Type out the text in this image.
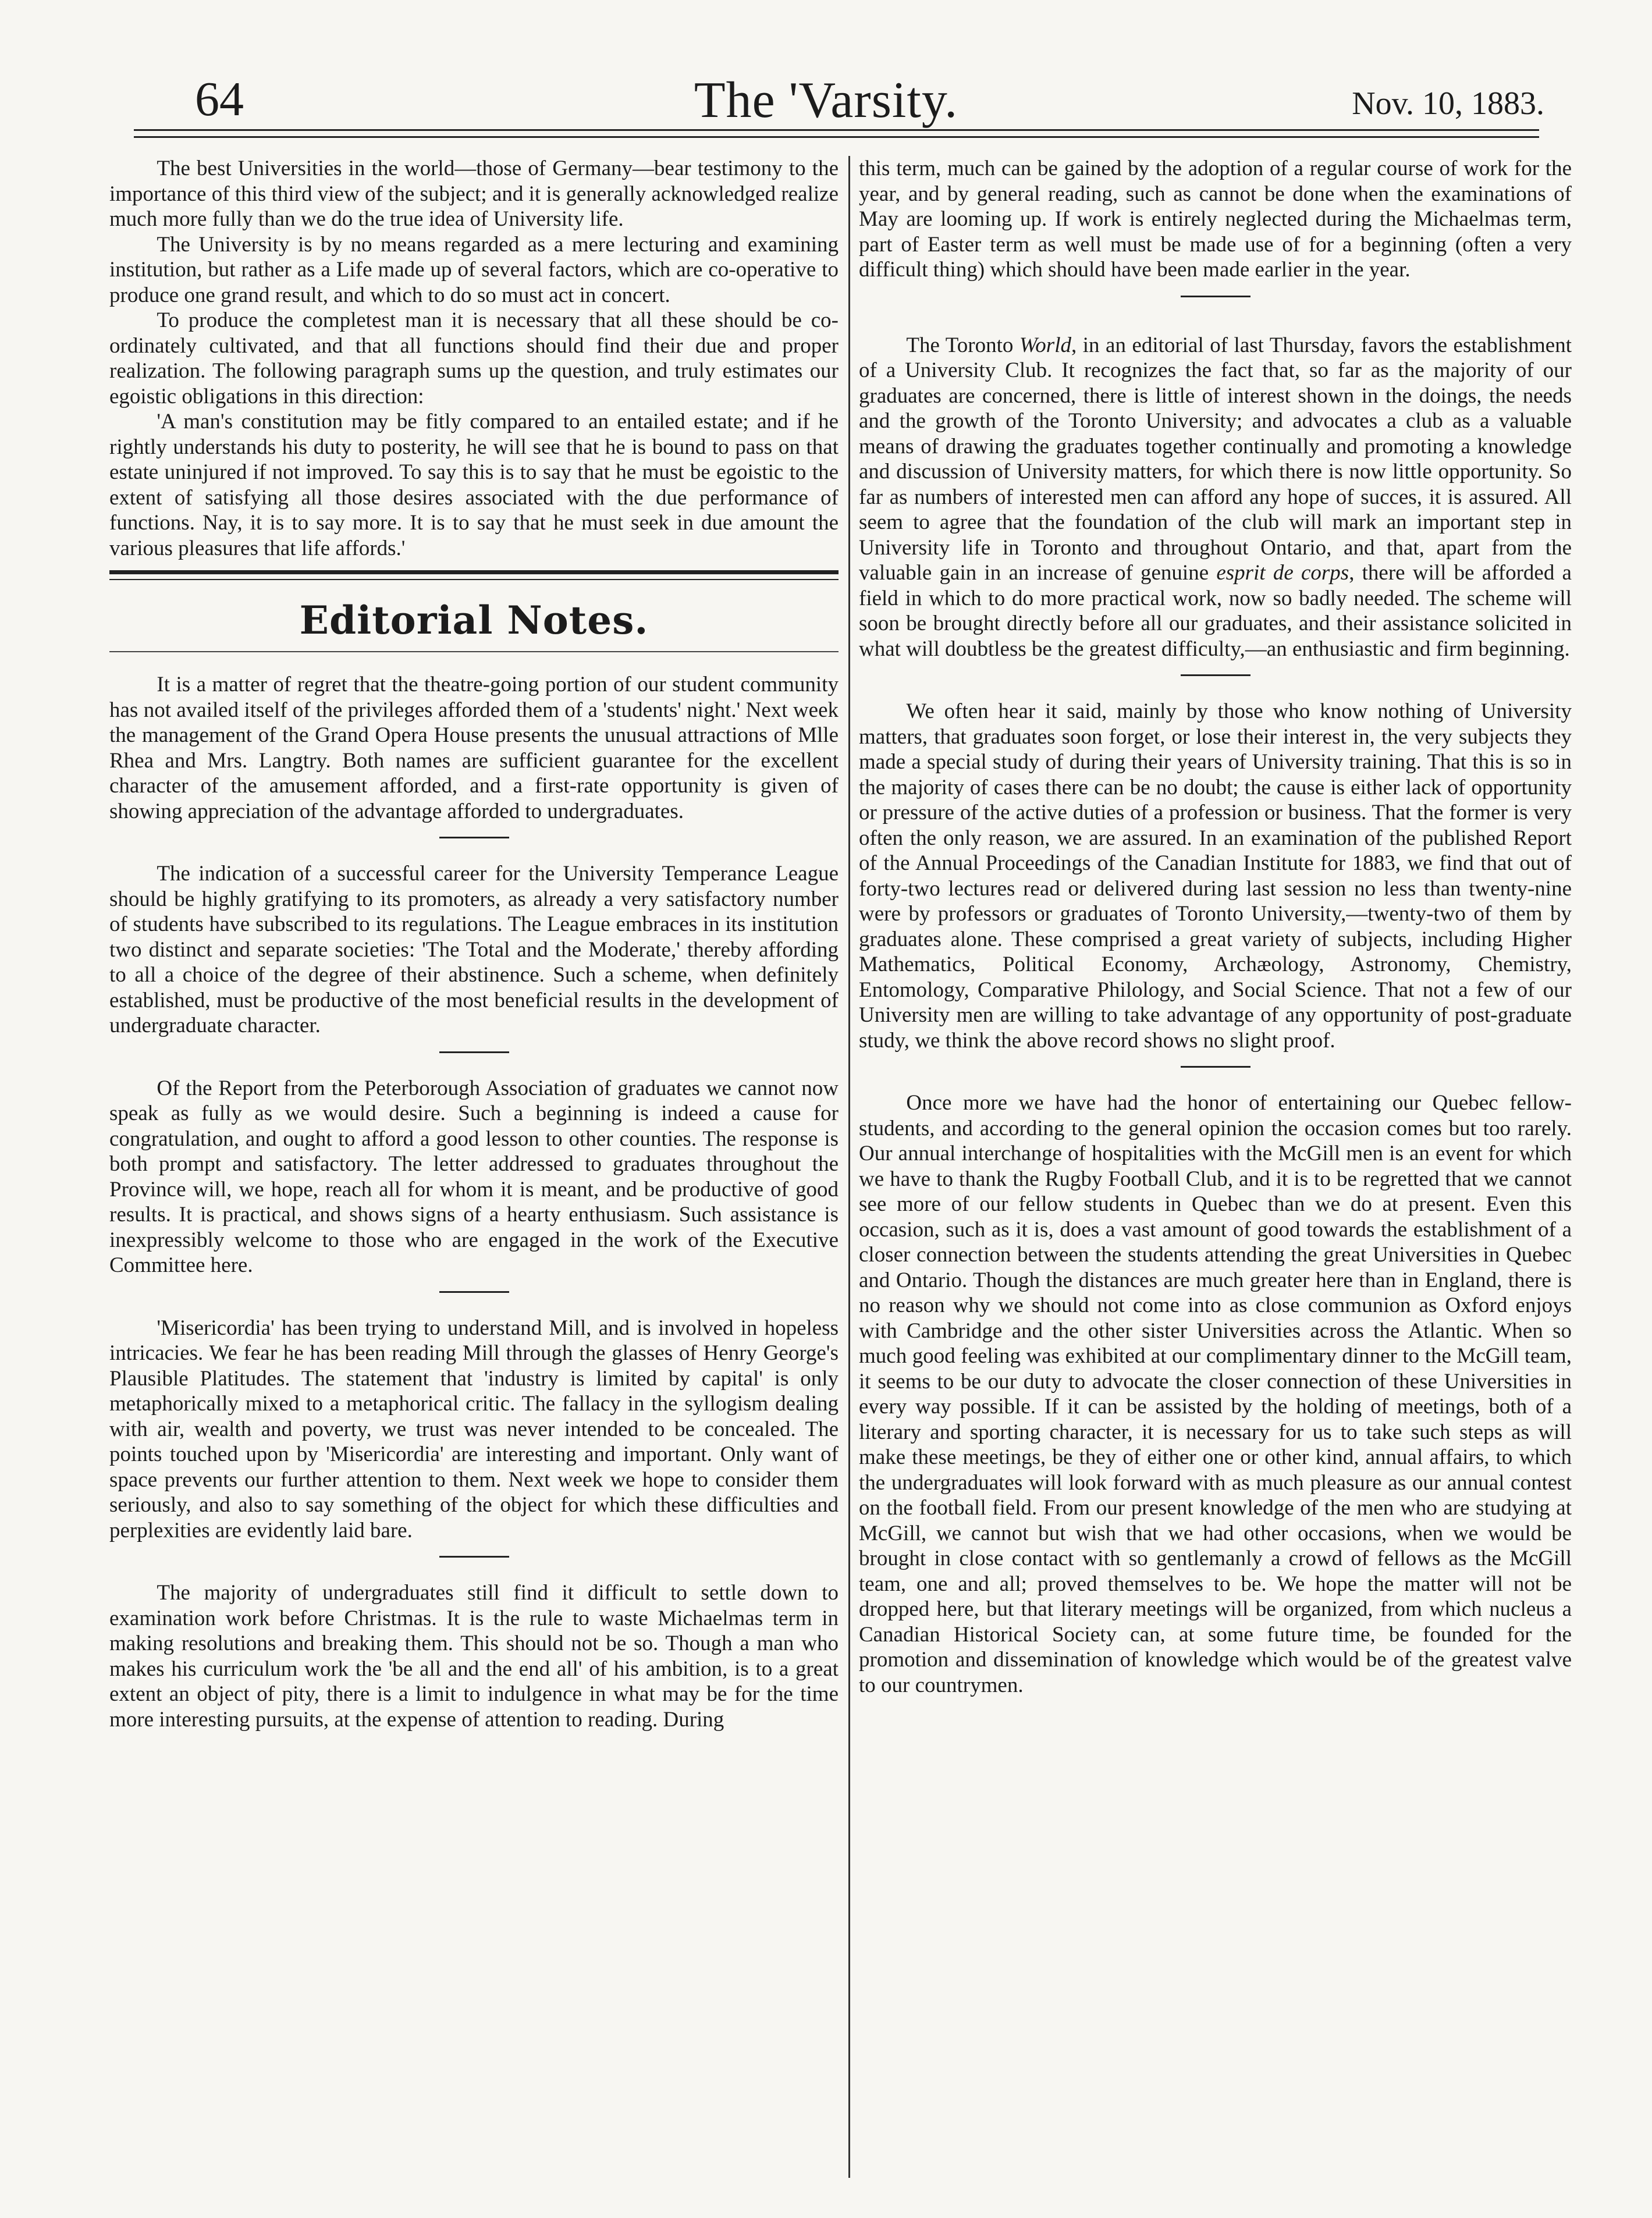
64	The 'Varsity.	Nov. 10, 1883.

The best Universities in the world—those of Germany—bear testimony to the importance of this third view of the subject; and it is generally acknowledged realize much more fully than we do the true idea of University life.

The University is by no means regarded as a mere lecturing and examining institution, but rather as a Life made up of several factors, which are co-operative to produce one grand result, and which to do so must act in concert.

To produce the completest man it is necessary that all these should be co-ordinately cultivated, and that all functions should find their due and proper realization. The following paragraph sums up the question, and truly estimates our egoistic obligations in this direction:

'A man's constitution may be fitly compared to an entailed estate; and if he rightly understands his duty to posterity, he will see that he is bound to pass on that estate uninjured if not improved. To say this is to say that he must be egoistic to the extent of satisfying all those desires associated with the due performance of functions. Nay, it is to say more. It is to say that he must seek in due amount the various pleasures that life affords.'

Editorial Notes.

It is a matter of regret that the theatre-going portion of our student community has not availed itself of the privileges afforded them of a 'students' night.' Next week the management of the Grand Opera House presents the unusual attractions of Mlle Rhea and Mrs. Langtry. Both names are sufficient guarantee for the excellent character of the amusement afforded, and a first-rate opportunity is given of showing appreciation of the advantage afforded to undergraduates.

The indication of a successful career for the University Temperance League should be highly gratifying to its promoters, as already a very satisfactory number of students have subscribed to its regulations. The League embraces in its institution two distinct and separate societies: 'The Total and the Moderate,' thereby affording to all a choice of the degree of their abstinence. Such a scheme, when definitely established, must be productive of the most beneficial results in the development of undergraduate character.

Of the Report from the Peterborough Association of graduates we cannot now speak as fully as we would desire. Such a beginning is indeed a cause for congratulation, and ought to afford a good lesson to other counties. The response is both prompt and satisfactory. The letter addressed to graduates throughout the Province will, we hope, reach all for whom it is meant, and be productive of good results. It is practical, and shows signs of a hearty enthusiasm. Such assistance is inexpressibly welcome to those who are engaged in the work of the Executive Committee here.

'Misericordia' has been trying to understand Mill, and is involved in hopeless intricacies. We fear he has been reading Mill through the glasses of Henry George's Plausible Platitudes. The statement that 'industry is limited by capital' is only metaphorically mixed to a metaphorical critic. The fallacy in the syllogism dealing with air, wealth and poverty, we trust was never intended to be concealed. The points touched upon by 'Misericordia' are interesting and important. Only want of space prevents our further attention to them. Next week we hope to consider them seriously, and also to say something of the object for which these difficulties and perplexities are evidently laid bare.

The majority of undergraduates still find it difficult to settle down to examination work before Christmas. It is the rule to waste Michaelmas term in making resolutions and breaking them. This should not be so. Though a man who makes his curriculum work the 'be all and the end all' of his ambition, is to a great extent an object of pity, there is a limit to indulgence in what may be for the time more interesting pursuits, at the expense of attention to reading. During

this term, much can be gained by the adoption of a regular course of work for the year, and by general reading, such as cannot be done when the examinations of May are looming up. If work is entirely neglected during the Michaelmas term, part of Easter term as well must be made use of for a beginning (often a very difficult thing) which should have been made earlier in the year.

The Toronto World, in an editorial of last Thursday, favors the establishment of a University Club. It recognizes the fact that, so far as the majority of our graduates are concerned, there is little of interest shown in the doings, the needs and the growth of the Toronto University; and advocates a club as a valuable means of drawing the graduates together continually and promoting a knowledge and discussion of University matters, for which there is now little opportunity. So far as numbers of interested men can afford any hope of succes, it is assured. All seem to agree that the foundation of the club will mark an important step in University life in Toronto and throughout Ontario, and that, apart from the valuable gain in an increase of genuine esprit de corps, there will be afforded a field in which to do more practical work, now so badly needed. The scheme will soon be brought directly before all our graduates, and their assistance solicited in what will doubtless be the greatest difficulty,—an enthusiastic and firm beginning.

We often hear it said, mainly by those who know nothing of University matters, that graduates soon forget, or lose their interest in, the very subjects they made a special study of during their years of University training. That this is so in the majority of cases there can be no doubt; the cause is either lack of opportunity or pressure of the active duties of a profession or business. That the former is very often the only reason, we are assured. In an examination of the published Report of the Annual Proceedings of the Canadian Institute for 1883, we find that out of forty-two lectures read or delivered during last session no less than twenty-nine were by professors or graduates of Toronto University,—twenty-two of them by graduates alone. These comprised a great variety of subjects, including Higher Mathematics, Political Economy, Archæology, Astronomy, Chemistry, Entomology, Comparative Philology, and Social Science. That not a few of our University men are willing to take advantage of any opportunity of post-graduate study, we think the above record shows no slight proof.

Once more we have had the honor of entertaining our Quebec fellow-students, and according to the general opinion the occasion comes but too rarely. Our annual interchange of hospitalities with the McGill men is an event for which we have to thank the Rugby Football Club, and it is to be regretted that we cannot see more of our fellow students in Quebec than we do at present. Even this occasion, such as it is, does a vast amount of good towards the establishment of a closer connection between the students attending the great Universities in Quebec and Ontario. Though the distances are much greater here than in England, there is no reason why we should not come into as close communion as Oxford enjoys with Cambridge and the other sister Universities across the Atlantic. When so much good feeling was exhibited at our complimentary dinner to the McGill team, it seems to be our duty to advocate the closer connection of these Universities in every way possible. If it can be assisted by the holding of meetings, both of a literary and sporting character, it is necessary for us to take such steps as will make these meetings, be they of either one or other kind, annual affairs, to which the undergraduates will look forward with as much pleasure as our annual contest on the football field. From our present knowledge of the men who are studying at McGill, we cannot but wish that we had other occasions, when we would be brought in close contact with so gentlemanly a crowd of fellows as the McGill team, one and all; proved themselves to be. We hope the matter will not be dropped here, but that literary meetings will be organized, from which nucleus a Canadian Historical Society can, at some future time, be founded for the promotion and dissemination of knowledge which would be of the greatest valve to our countrymen.
